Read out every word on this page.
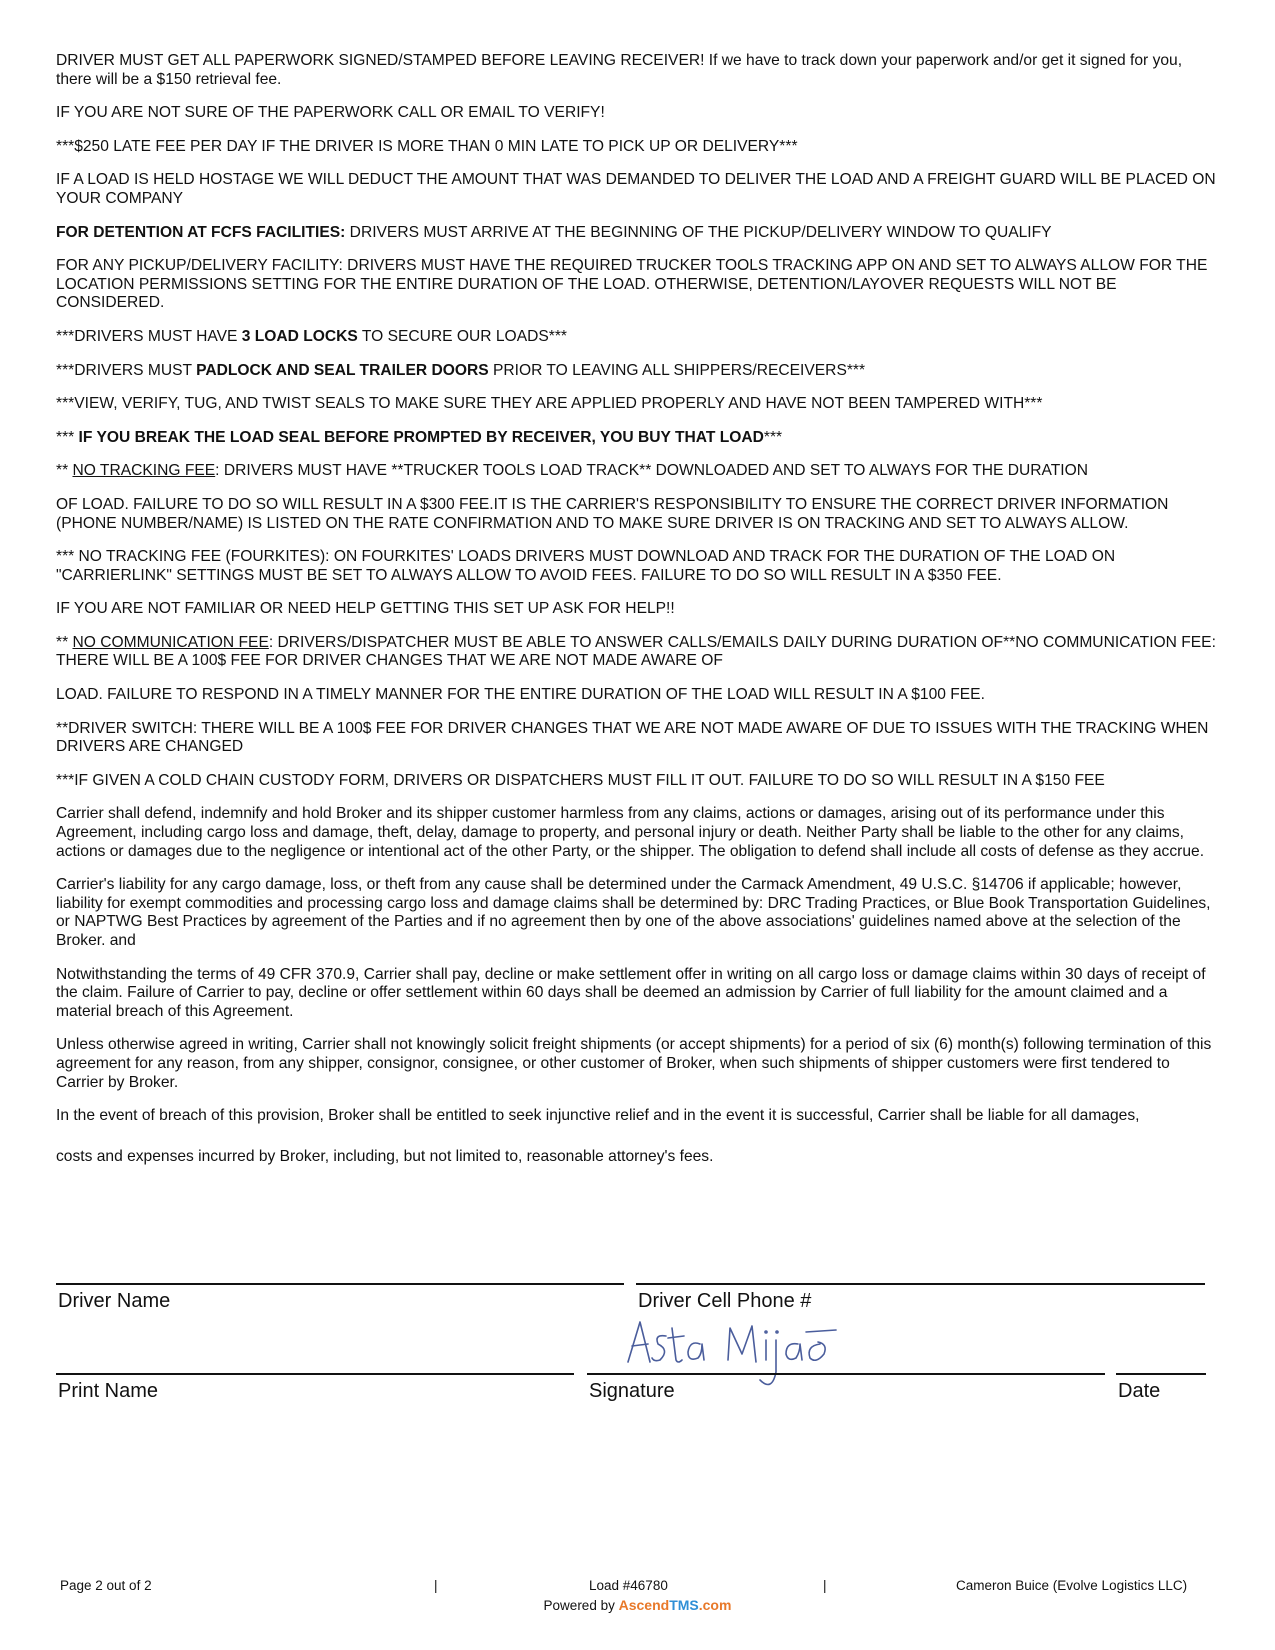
DRIVER MUST GET ALL PAPERWORK SIGNED/STAMPED BEFORE LEAVING RECEIVER! If we have to track down your paperwork and/or get it signed for you, there will be a $150 retrieval fee.

IF YOU ARE NOT SURE OF THE PAPERWORK CALL OR EMAIL TO VERIFY!

***$250 LATE FEE PER DAY IF THE DRIVER IS MORE THAN 0 MIN LATE TO PICK UP OR DELIVERY***

IF A LOAD IS HELD HOSTAGE WE WILL DEDUCT THE AMOUNT THAT WAS DEMANDED TO DELIVER THE LOAD AND A FREIGHT GUARD WILL BE PLACED ON YOUR COMPANY

FOR DETENTION AT FCFS FACILITIES: DRIVERS MUST ARRIVE AT THE BEGINNING OF THE PICKUP/DELIVERY WINDOW TO QUALIFY

FOR ANY PICKUP/DELIVERY FACILITY: DRIVERS MUST HAVE THE REQUIRED TRUCKER TOOLS TRACKING APP ON AND SET TO ALWAYS ALLOW FOR THE LOCATION PERMISSIONS SETTING FOR THE ENTIRE DURATION OF THE LOAD. OTHERWISE, DETENTION/LAYOVER REQUESTS WILL NOT BE CONSIDERED.

***DRIVERS MUST HAVE 3 LOAD LOCKS TO SECURE OUR LOADS***

***DRIVERS MUST PADLOCK AND SEAL TRAILER DOORS PRIOR TO LEAVING ALL SHIPPERS/RECEIVERS***

***VIEW, VERIFY, TUG, AND TWIST SEALS TO MAKE SURE THEY ARE APPLIED PROPERLY AND HAVE NOT BEEN TAMPERED WITH***

*** IF YOU BREAK THE LOAD SEAL BEFORE PROMPTED BY RECEIVER, YOU BUY THAT LOAD***

** NO TRACKING FEE: DRIVERS MUST HAVE **TRUCKER TOOLS LOAD TRACK** DOWNLOADED AND SET TO ALWAYS FOR THE DURATION

OF LOAD. FAILURE TO DO SO WILL RESULT IN A $300 FEE.IT IS THE CARRIER'S RESPONSIBILITY TO ENSURE THE CORRECT DRIVER INFORMATION (PHONE NUMBER/NAME) IS LISTED ON THE RATE CONFIRMATION AND TO MAKE SURE DRIVER IS ON TRACKING AND SET TO ALWAYS ALLOW.

*** NO TRACKING FEE (FOURKITES): ON FOURKITES' LOADS DRIVERS MUST DOWNLOAD AND TRACK FOR THE DURATION OF THE LOAD ON "CARRIERLINK" SETTINGS MUST BE SET TO ALWAYS ALLOW TO AVOID FEES. FAILURE TO DO SO WILL RESULT IN A $350 FEE.

IF YOU ARE NOT FAMILIAR OR NEED HELP GETTING THIS SET UP ASK FOR HELP!!

** NO COMMUNICATION FEE: DRIVERS/DISPATCHER MUST BE ABLE TO ANSWER CALLS/EMAILS DAILY DURING DURATION OF**NO COMMUNICATION FEE: THERE WILL BE A 100$ FEE FOR DRIVER CHANGES THAT WE ARE NOT MADE AWARE OF

LOAD. FAILURE TO RESPOND IN A TIMELY MANNER FOR THE ENTIRE DURATION OF THE LOAD WILL RESULT IN A $100 FEE.

**DRIVER SWITCH: THERE WILL BE A 100$ FEE FOR DRIVER CHANGES THAT WE ARE NOT MADE AWARE OF DUE TO ISSUES WITH THE TRACKING WHEN DRIVERS ARE CHANGED

***IF GIVEN A COLD CHAIN CUSTODY FORM, DRIVERS OR DISPATCHERS MUST FILL IT OUT. FAILURE TO DO SO WILL RESULT IN A $150 FEE

Carrier shall defend, indemnify and hold Broker and its shipper customer harmless from any claims, actions or damages, arising out of its performance under this Agreement, including cargo loss and damage, theft, delay, damage to property, and personal injury or death. Neither Party shall be liable to the other for any claims, actions or damages due to the negligence or intentional act of the other Party, or the shipper. The obligation to defend shall include all costs of defense as they accrue.

Carrier's liability for any cargo damage, loss, or theft from any cause shall be determined under the Carmack Amendment, 49 U.S.C. §14706 if applicable; however, liability for exempt commodities and processing cargo loss and damage claims shall be determined by: DRC Trading Practices, or Blue Book Transportation Guidelines, or NAPTWG Best Practices by agreement of the Parties and if no agreement then by one of the above associations' guidelines named above at the selection of the Broker. and

Notwithstanding the terms of 49 CFR 370.9, Carrier shall pay, decline or make settlement offer in writing on all cargo loss or damage claims within 30 days of receipt of the claim. Failure of Carrier to pay, decline or offer settlement within 60 days shall be deemed an admission by Carrier of full liability for the amount claimed and a material breach of this Agreement.

Unless otherwise agreed in writing, Carrier shall not knowingly solicit freight shipments (or accept shipments) for a period of six (6) month(s) following termination of this agreement for any reason, from any shipper, consignor, consignee, or other customer of Broker, when such shipments of shipper customers were first tendered to Carrier by Broker.

In the event of breach of this provision, Broker shall be entitled to seek injunctive relief and in the event it is successful, Carrier shall be liable for all damages,

costs and expenses incurred by Broker, including, but not limited to, reasonable attorney's fees.

Driver Name	Driver Cell Phone #
Print Name	Signature	Date
Page 2 out of 2	|	Load #46780	|	Cameron Buice (Evolve Logistics LLC)
Powered by AscendTMS.com
